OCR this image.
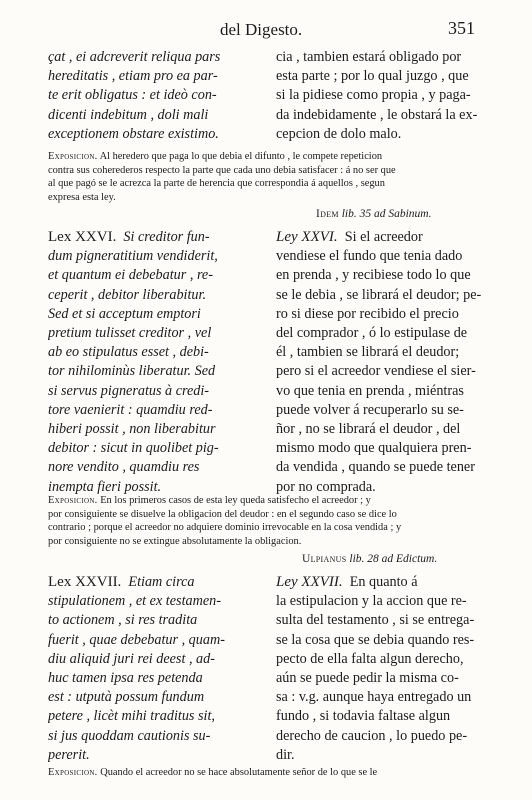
del Digesto.	351
çat , ei adcreverit reliqua pars
hereditatis , etiam pro ea par-
te erit obligatus : et ideò con-
dicenti indebitum , doli mali
exceptionem obstare existimo.
cia , tambien estará obligado por
esta parte ; por lo qual juzgo , que
si la pidiese como propia , y paga-
da indebidamente , le obstará la ex-
cepcion de dolo malo.
Exposicion. Al heredero que paga lo que debia el difunto , le compete repeticion
contra sus coherederos respecto la parte que cada uno debia satisfacer : á no ser que
al que pagó se le acrezca la parte de herencia que correspondia á aquellos , segun
expresa esta ley.
Idem lib. 35 ad Sabinum.
Lex XXVI. Si creditor fun-
dum pigneratitium vendiderit,
et quantum ei debebatur , re-
ceperit , debitor liberabitur.
Sed et si acceptum emptori
pretium tulisset creditor , vel
ab eo stipulatus esset , debi-
tor nihilominùs liberatur. Sed
si servus pigneratus à credi-
tore vaenierit : quamdiu red-
hiberi possit , non liberabitur
debitor : sicut in quolibet pig-
nore vendito , quamdiu res
inempta fieri possit.
Ley XXVI. Si el acreedor
vendiese el fundo que tenia dado
en prenda , y recibiese todo lo que
se le debia , se librará el deudor; pe-
ro si diese por recibido el precio
del comprador , ó lo estipulase de
él , tambien se librará el deudor;
pero si el acreedor vendiese el sier-
vo que tenia en prenda , miéntras
puede volver á recuperarlo su se-
ñor , no se librará el deudor , del
mismo modo que qualquiera pren-
da vendida , quando se puede tener
por no comprada.
Exposicion. En los primeros casos de esta ley queda satisfecho el acreedor ; y
por consiguiente se disuelve la obligacion del deudor : en el segundo caso se dice lo
contrario ; porque el acreedor no adquiere dominio irrevocable en la cosa vendida ; y
por consiguiente no se extingue absolutamente la obligacion.
Ulpianus lib. 28 ad Edictum.
Lex XXVII. Etiam circa
stipulationem , et ex testamen-
to actionem , si res tradita
fuerit , quae debebatur , quam-
diu aliquid juri rei deest , ad-
huc tamen ipsa res petenda
est : utputà possum fundum
petere , licèt mihi traditus sit,
si jus quoddam cautionis su-
pererit.
Ley XXVII. En quanto á
la estipulacion y la accion que re-
sulta del testamento , si se entrega-
se la cosa que se debia quando res-
pecto de ella falta algun derecho,
aún se puede pedir la misma co-
sa : v.g. aunque haya entregado un
fundo , si todavia faltase algun
derecho de caucion , lo puedo pe-
dir.
Exposicion. Quando el acreedor no se hace absolutamente señor de lo que se le
